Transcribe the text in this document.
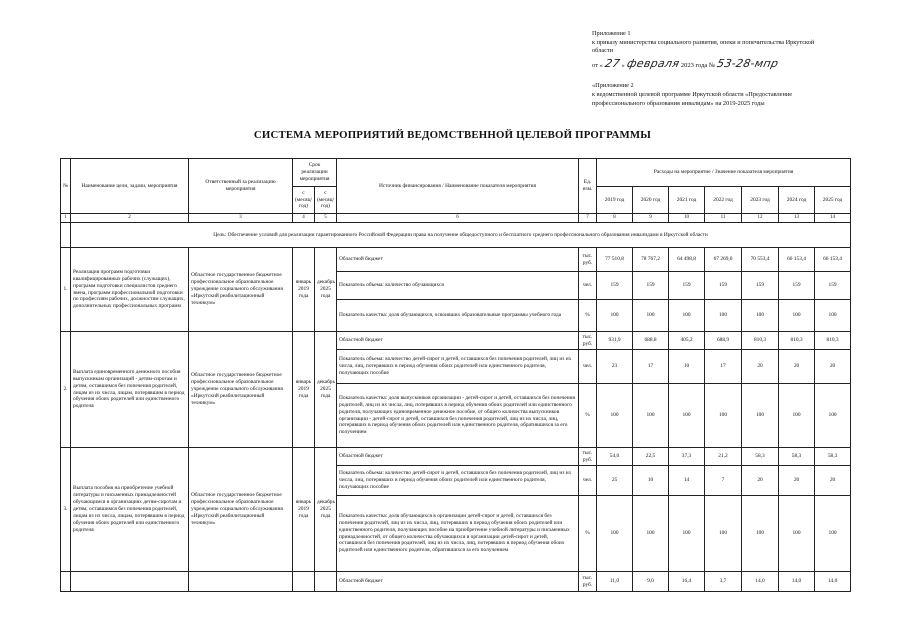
Приложение 1
к приказу министерства социального развития, опеки и попечительства Иркутской
области
от « 27 » февраля 2023 года № 53-28-мпр
«Приложение 2
к ведомственной целевой программе Иркутской области «Предоставление
профессионального образования инвалидам» на 2019-2025 годы
СИСТЕМА МЕРОПРИЯТИЙ ВЕДОМСТВЕННОЙ ЦЕЛЕВОЙ ПРОГРАММЫ
№	Наименование цели, задачи, мероприятия	Ответственный за реализацию мероприятия	Срок реализации мероприятия		Источник финансирования / Наименование показателя мероприятия	Ед. изм.	Расходы на мероприятие / Значение показателя мероприятия						
			с (месяц/год)	с (месяц/год)			2019 год	2020 год	2021 год	2022 год	2023 год	2024 год	2025 год
1	2	3	4	5	6	7	8	9	10	11	12	13	14
	Цель: Обеспечение условий для реализации гарантированного Российской Федерации права на получение общедоступного и бесплатного среднего профессионального образования инвалидами в Иркутской области												
1.	Реализация программ подготовки квалифицированных рабочих (служащих), программ подготовки специалистов среднего звена, программ профессиональной подготовки по профессиям рабочих, должностям служащих, дополнительных профессиональных программ	Областное государственное бюджетное профессиональное образовательное учреждение социального обслуживания «Иркутский реабилитационный техникум»	январь 2019 года	декабрь 2025 года	Областной бюджет	тыс. руб.	77 510,8	78 767,2	64 498,8	67 269,0	70 553,4	66 153,4	66 153,4
					Показатель объема: количество обучающихся	чел.	159	159	159	159	159	159	159
					Показатель качества: доля обучающихся, освоивших образовательные программы учебного года	%	100	100	100	100	100	100	100
2.	Выплата единовременного денежного пособия выпускникам организаций - детям-сиротам и детям, оставшимся без попечения родителей, лицам из их числа, лицам, потерявшим в период обучения обоих родителей или единственного родителя	Областное государственное бюджетное профессиональное образовательное учреждение социального обслуживания «Иркутский реабилитационный техникум»	январь 2019 года	декабрь 2025 года	Областной бюджет	тыс. руб.	931,9	688,8	405,2	688,9	810,3	810,3	810,3
					Показатель объема: количество детей-сирот и детей, оставшихся без попечения родителей, лиц из их числа, лиц, потерявших в период обучения обоих родителей или единственного родителя, получающих пособие	чел.	23	17	10	17	20	20	20
					Показатель качества: доля выпускников организации - детей-сирот и детей, оставшихся без попечения родителей, лиц из их числа, лиц, потерявших в период обучения обоих родителей или единственного родителя, получающих единовременное денежное пособие, от общего количества выпускников организации - детей-сирот и детей, оставшихся без попечения родителей, лиц из их числа, лиц, потерявших в период обучения обоих родителей или единственного родителя, обратившихся за его получением	%	100	100	100	100	100	100	100
3.	Выплата пособия на приобретение учебной литературы и письменных принадлежностей обучающимся в организациях детям-сиротам и детям, оставшимся без попечения родителей, лицам из их числа, лицам, потерявшим в период обучения обоих родителей или единственного родителя	Областное государственное бюджетное профессиональное образовательное учреждение социального обслуживания «Иркутский реабилитационный техникум»	январь 2019 года	декабрь 2025 года	Областной бюджет	тыс. руб.	54,0	22,5	37,3	21,2	58,3	58,3	58,3
					Показатель объема: количество детей-сирот и детей, оставшихся без попечения родителей, лиц из их числа, лиц, потерявших в период обучения обоих родителей или единственного родителя, получающих пособие	чел.	25	10	14	7	20	20	20
					Показатель качества: доля обучающихся в организации детей-сирот и детей, оставшихся без попечения родителей, лиц из их числа, лиц, потерявших в период обучения обоих родителей или единственного родителя, получающих пособие на приобретение учебной литературы и письменных принадлежностей, от общего количества обучающихся в организации детей-сирот и детей, оставшихся без попечения родителей, лиц из их числа, лиц, потерявших в период обучения обоих родителей или единственного родителя, обратившихся за его получением	%	100	100	100	100	100	100	100
					Областной бюджет	тыс. руб.	11,0	9,0	16,4	3,7	14,0	14,0	14,0
